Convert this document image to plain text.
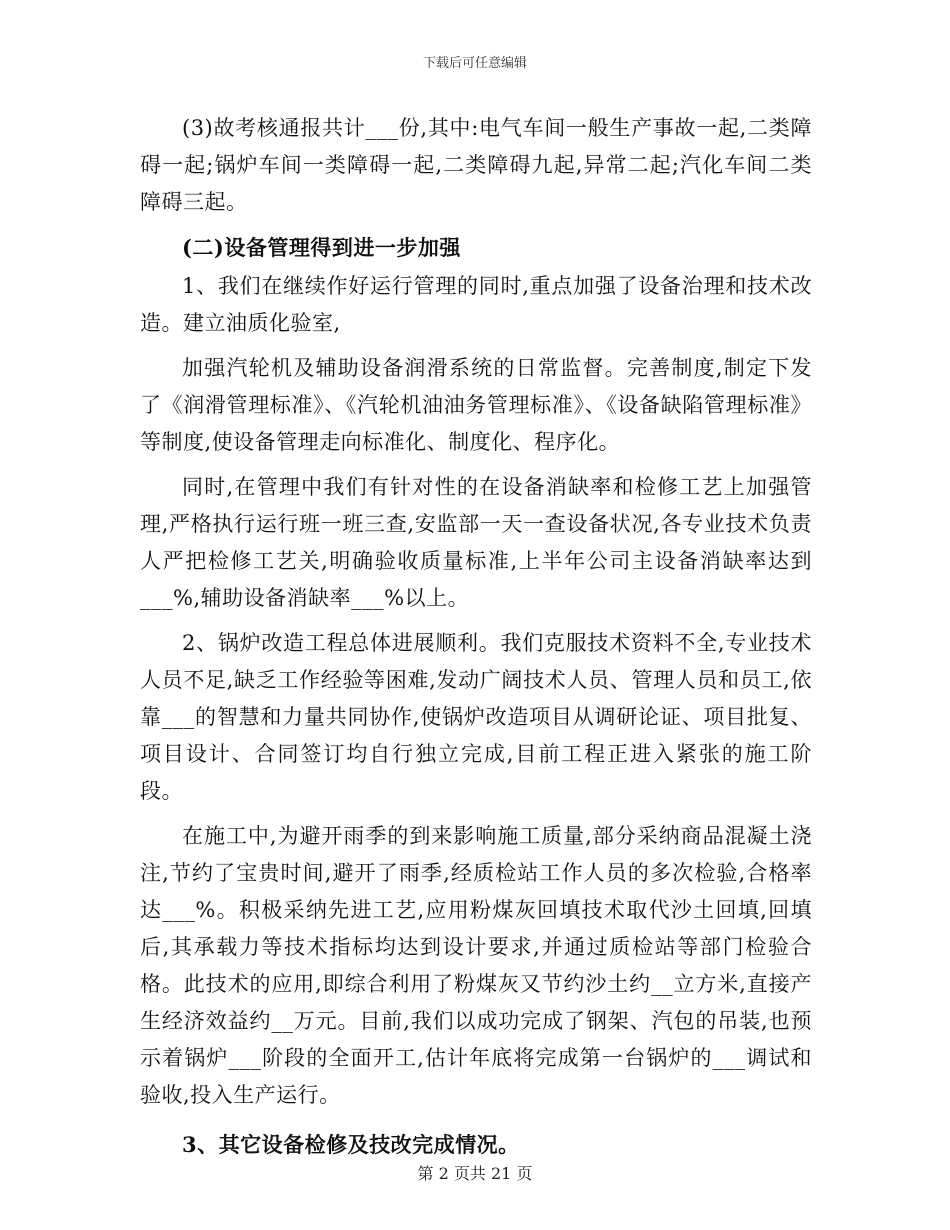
下载后可任意编辑

(3)故考核通报共计___份,其中:电气车间一般生产事故一起,二类障碍一起;锅炉车间一类障碍一起,二类障碍九起,异常二起;汽化车间二类障碍三起。

(二)设备管理得到进一步加强

1、我们在继续作好运行管理的同时,重点加强了设备治理和技术改造。建立油质化验室,

加强汽轮机及辅助设备润滑系统的日常监督。完善制度,制定下发了《润滑管理标准》、《汽轮机油油务管理标准》、《设备缺陷管理标准》等制度,使设备管理走向标准化、制度化、程序化。

同时,在管理中我们有针对性的在设备消缺率和检修工艺上加强管理,严格执行运行班一班三查,安监部一天一查设备状况,各专业技术负责人严把检修工艺关,明确验收质量标准,上半年公司主设备消缺率达到___%,辅助设备消缺率___%以上。

2、锅炉改造工程总体进展顺利。我们克服技术资料不全,专业技术人员不足,缺乏工作经验等困难,发动广阔技术人员、管理人员和员工,依靠___的智慧和力量共同协作,使锅炉改造项目从调研论证、项目批复、项目设计、合同签订均自行独立完成,目前工程正进入紧张的施工阶段。

在施工中,为避开雨季的到来影响施工质量,部分采纳商品混凝土浇注,节约了宝贵时间,避开了雨季,经质检站工作人员的多次检验,合格率达___%。积极采纳先进工艺,应用粉煤灰回填技术取代沙土回填,回填后,其承载力等技术指标均达到设计要求,并通过质检站等部门检验合格。此技术的应用,即综合利用了粉煤灰又节约沙土约__立方米,直接产生经济效益约__万元。目前,我们以成功完成了钢架、汽包的吊装,也预示着锅炉___阶段的全面开工,估计年底将完成第一台锅炉的___调试和验收,投入生产运行。

3、其它设备检修及技改完成情况。

第 2 页共 21 页
